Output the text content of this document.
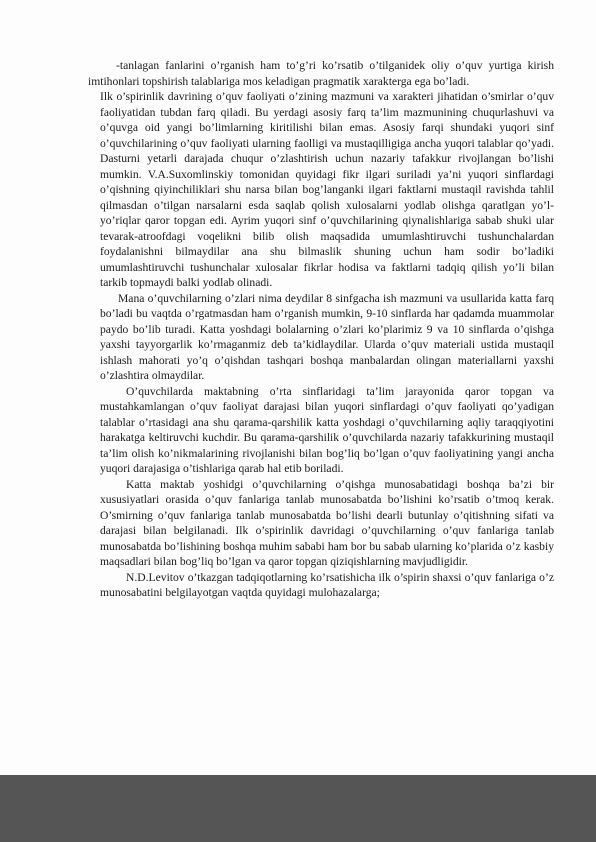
-tanlagan fanlarini o’rganish ham to’g’ri ko’rsatib o’tilganidek oliy o’quv yurtiga kirish imtihonlari topshirish talablariga mos keladigan pragmatik xarakterga ega bo’ladi.

Ilk o’spirinlik davrining o’quv faoliyati o’zining mazmuni va xarakteri jihatidan o’smirlar o’quv faoliyatidan tubdan farq qiladi. Bu yerdagi asosiy farq ta’lim mazmunining chuqurlashuvi va o’quvga oid yangi bo’limlarning kiritilishi bilan emas. Asosiy farqi shundaki yuqori sinf o’quvchilarining o’quv faoliyati ularning faolligi va mustaqilligiga ancha yuqori talablar qo’yadi. Dasturni yetarli darajada chuqur o’zlashtirish uchun nazariy tafakkur rivojlangan bo’lishi mumkin. V.A.Suxomlinskiy tomonidan quyidagi fikr ilgari suriladi ya’ni yuqori sinflardagi o’qishning qiyinchiliklari shu narsa bilan bog’langanki ilgari faktlarni mustaqil ravishda tahlil qilmasdan o’tilgan narsalarni esda saqlab qolish xulosalarni yodlab olishga qaratlgan yo’l-yo’riqlar qaror topgan edi. Ayrim yuqori sinf o’quvchilarining qiynalishlariga sabab shuki ular tevarak-atroofdagi voqelikni bilib olish maqsadida umumlashtiruvchi tushunchalardan foydalanishni bilmaydilar ana shu bilmaslik shuning uchun ham sodir bo’ladiki umumlashtiruvchi tushunchalar xulosalar fikrlar hodisa va faktlarni tadqiq qilish yo’li bilan tarkib topmaydi balki yodlab olinadi.

Mana o’quvchilarning o’zlari nima deydilar 8 sinfgacha ish mazmuni va usullarida katta farq bo’ladi bu vaqtda o’rgatmasdan ham o’rganish mumkin, 9-10 sinflarda har qadamda muammolar paydo bo’lib turadi. Katta yoshdagi bolalarning o’zlari ko’plarimiz 9 va 10 sinflarda o’qishga yaxshi tayyorgarlik ko’rmaganmiz deb ta’kidlaydilar. Ularda o’quv materiali ustida mustaqil ishlash mahorati yo’q o’qishdan tashqari boshqa manbalardan olingan materiallarni yaxshi o’zlashtira olmaydilar.

O’quvchilarda maktabning o’rta sinflaridagi ta’lim jarayonida qaror topgan va mustahkamlangan o’quv faoliyat darajasi bilan yuqori sinflardagi o’quv faoliyati qo’yadigan talablar o’rtasidagi ana shu qarama-qarshilik katta yoshdagi o’quvchilarning aqliy taraqqiyotini harakatga keltiruvchi kuchdir. Bu qarama-qarshilik o’quvchilarda nazariy tafakkurining mustaqil ta’lim olish ko’nikmalarining rivojlanishi bilan bog’liq bo’lgan o’quv faoliyatining yangi ancha yuqori darajasiga o’tishlariga qarab hal etib boriladi.

Katta maktab yoshidgi o’quvchilarning o’qishga munosabatidagi boshqa ba’zi bir xususiyatlari orasida o’quv fanlariga tanlab munosabatda bo’lishini ko’rsatib o’tmoq kerak. O’smirning o’quv fanlariga tanlab munosabatda bo’lishi dearli butunlay o’qitishning sifati va darajasi bilan belgilanadi. Ilk o’spirinlik davridagi o’quvchilarning o’quv fanlariga tanlab munosabatda bo’lishining boshqa muhim sababi ham bor bu sabab ularning ko’plarida o’z kasbiy maqsadlari bilan bog’liq bo’lgan va qaror topgan qiziqishlarning mavjudligidir.

N.D.Levitov o’tkazgan tadqiqotlarning ko’rsatishicha ilk o’spirin shaxsi o’quv fanlariga o’z munosabatini belgilayotgan vaqtda quyidagi mulohazalarga;
